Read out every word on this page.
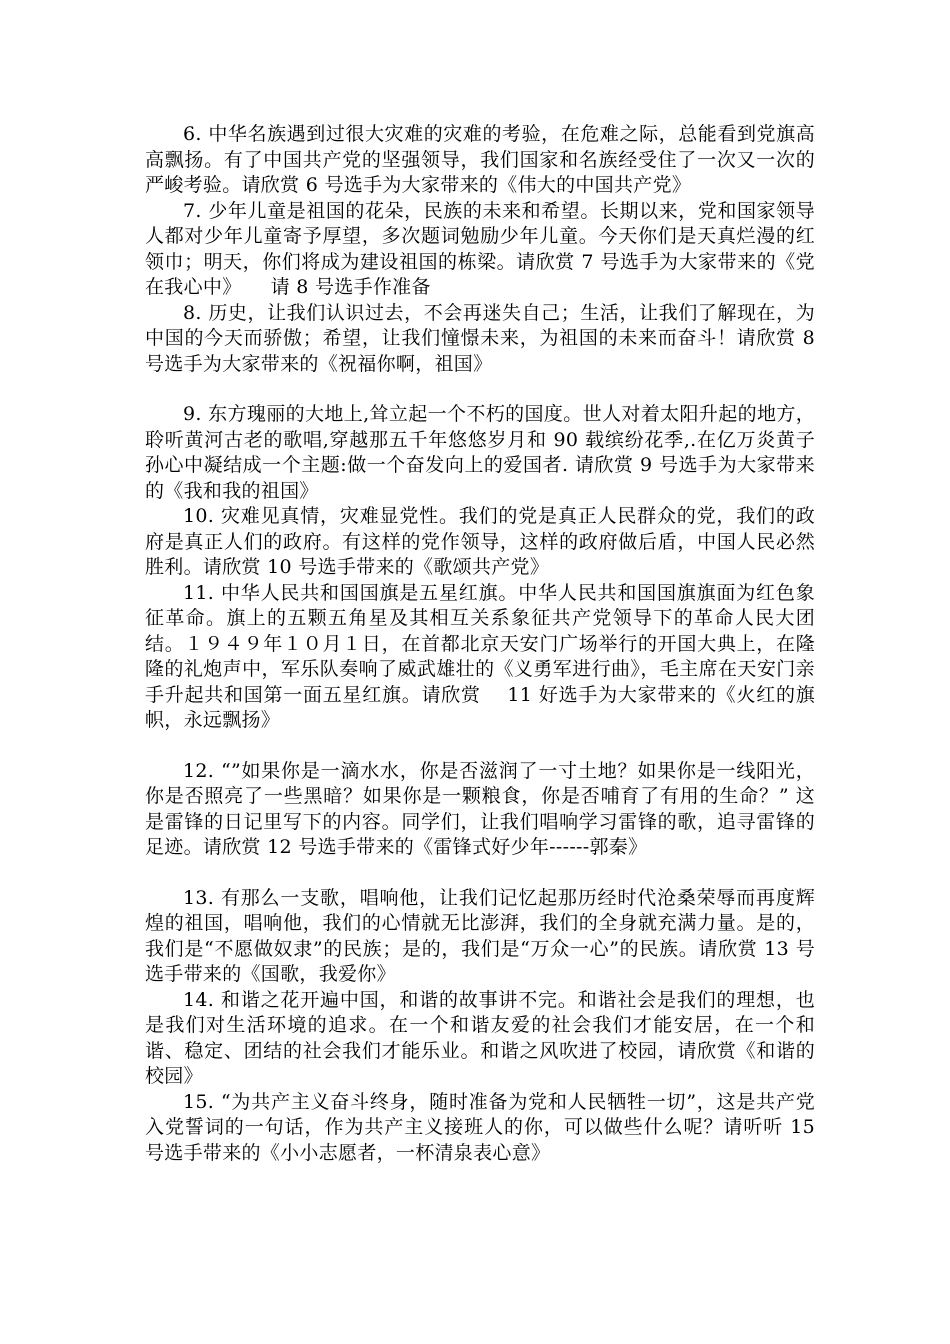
6. 中华名族遇到过很大灾难的灾难的考验，在危难之际，总能看到党旗高高飘扬。有了中国共产党的坚强领导，我们国家和名族经受住了一次又一次的严峻考验。请欣赏 6 号选手为大家带来的《伟大的中国共产党》

7. 少年儿童是祖国的花朵，民族的未来和希望。长期以来，党和国家领导人都对少年儿童寄予厚望，多次题词勉励少年儿童。今天你们是天真烂漫的红领巾；明天，你们将成为建设祖国的栋梁。请欣赏 7 号选手为大家带来的《党在我心中》　　请 8 号选手作准备

8. 历史，让我们认识过去，不会再迷失自己；生活，让我们了解现在，为中国的今天而骄傲；希望，让我们憧憬未来，为祖国的未来而奋斗！请欣赏 8 号选手为大家带来的《祝福你啊，祖国》

9. 东方瑰丽的大地上,耸立起一个不朽的国度。世人对着太阳升起的地方，聆听黄河古老的歌唱,穿越那五千年悠悠岁月和 90 载缤纷花季,.在亿万炎黄子孙心中凝结成一个主题:做一个奋发向上的爱国者. 请欣赏 9 号选手为大家带来的《我和我的祖国》

10. 灾难见真情，灾难显党性。我们的党是真正人民群众的党，我们的政府是真正人们的政府。有这样的党作领导，这样的政府做后盾，中国人民必然胜利。请欣赏 10 号选手带来的《歌颂共产党》

11. 中华人民共和国国旗是五星红旗。中华人民共和国国旗旗面为红色象征革命。旗上的五颗五角星及其相互关系象征共产党领导下的革命人民大团结。１９４９年１０月１日，在首都北京天安门广场举行的开国大典上，在隆隆的礼炮声中，军乐队奏响了威武雄壮的《义勇军进行曲》，毛主席在天安门亲手升起共和国第一面五星红旗。请欣赏　 11 好选手为大家带来的《火红的旗帜，永远飘扬》

12. “”如果你是一滴水水，你是否滋润了一寸土地？如果你是一线阳光，你是否照亮了一些黑暗？如果你是一颗粮食，你是否哺育了有用的生命？” 这是雷锋的日记里写下的内容。同学们，让我们唱响学习雷锋的歌，追寻雷锋的足迹。请欣赏 12 号选手带来的《雷锋式好少年------郭秦》

13. 有那么一支歌，唱响他，让我们记忆起那历经时代沧桑荣辱而再度辉煌的祖国，唱响他，我们的心情就无比澎湃，我们的全身就充满力量。是的，我们是“不愿做奴隶”的民族；是的，我们是“万众一心”的民族。请欣赏 13 号选手带来的《国歌，我爱你》

14. 和谐之花开遍中国，和谐的故事讲不完。和谐社会是我们的理想，也是我们对生活环境的追求。在一个和谐友爱的社会我们才能安居，在一个和谐、稳定、团结的社会我们才能乐业。和谐之风吹进了校园，请欣赏《和谐的校园》

15. “为共产主义奋斗终身，随时准备为党和人民牺牲一切”，这是共产党入党誓词的一句话，作为共产主义接班人的你，可以做些什么呢？请听听 15 号选手带来的《小小志愿者，一杯清泉表心意》
